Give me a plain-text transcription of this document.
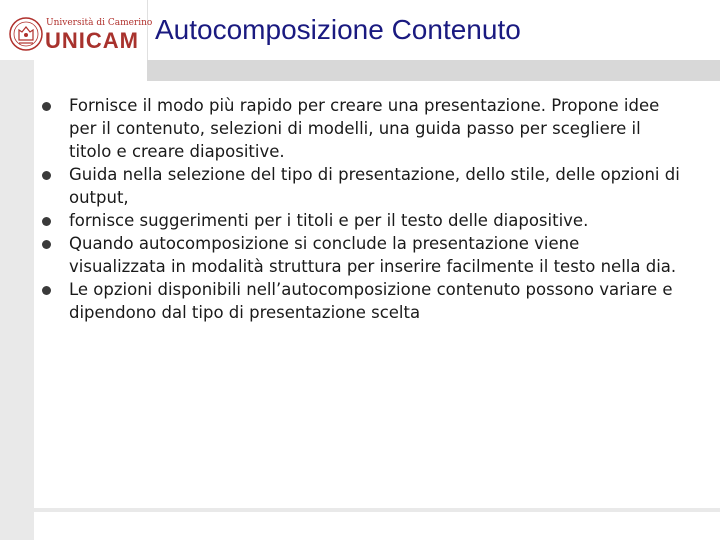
Università di Camerino
UNICAM Autocomposizione Contenuto
Fornisce il modo più rapido per creare una presentazione. Propone idee per il contenuto, selezioni di modelli, una guida passo per scegliere il titolo e creare diapositive.
Guida nella selezione del tipo di presentazione, dello stile, delle opzioni di output,
fornisce suggerimenti per i titoli e per il testo delle diapositive.
Quando autocomposizione si conclude la presentazione viene visualizzata in modalità struttura per inserire facilmente il testo nella dia.
Le opzioni disponibili nell’autocomposizione contenuto possono variare e dipendono dal tipo di presentazione scelta
